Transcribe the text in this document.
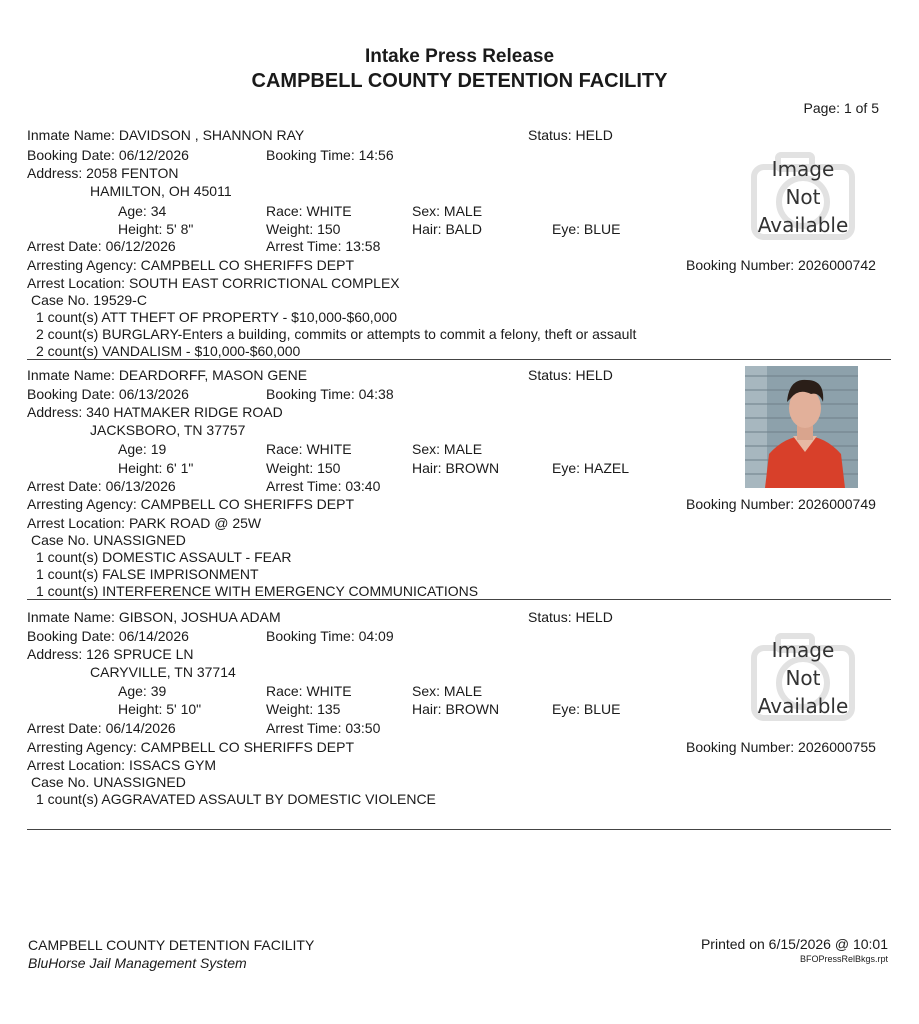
Intake Press Release
CAMPBELL COUNTY DETENTION FACILITY
Page: 1 of 5
Inmate Name: DAVIDSON , SHANNON RAY	Status: HELD
Booking Date: 06/12/2026	Booking Time: 14:56
Address: 2058 FENTON
HAMILTON, OH 45011
Age: 34	Race: WHITE	Sex: MALE
Height: 5' 8"	Weight: 150	Hair: BALD	Eye: BLUE
Arrest Date: 06/12/2026	Arrest Time: 13:58
Arresting Agency: CAMPBELL CO SHERIFFS DEPT	Booking Number: 2026000742
Arrest Location: SOUTH EAST CORRICTIONAL COMPLEX
Case No. 19529-C
1 count(s) ATT THEFT OF PROPERTY - $10,000-$60,000
2 count(s) BURGLARY-Enters a building, commits or attempts to commit a felony, theft or assault
2 count(s) VANDALISM - $10,000-$60,000
Image
Not
Available
Inmate Name: DEARDORFF, MASON GENE	Status: HELD
Booking Date: 06/13/2026	Booking Time: 04:38
Address: 340 HATMAKER RIDGE ROAD
JACKSBORO, TN 37757
Age: 19	Race: WHITE	Sex: MALE
Height: 6' 1"	Weight: 150	Hair: BROWN	Eye: HAZEL
Arrest Date: 06/13/2026	Arrest Time: 03:40
Arresting Agency: CAMPBELL CO SHERIFFS DEPT	Booking Number: 2026000749
Arrest Location: PARK ROAD @ 25W
Case No. UNASSIGNED
1 count(s) DOMESTIC ASSAULT - FEAR
1 count(s) FALSE IMPRISONMENT
1 count(s) INTERFERENCE WITH EMERGENCY COMMUNICATIONS
Inmate Name: GIBSON, JOSHUA ADAM	Status: HELD
Booking Date: 06/14/2026	Booking Time: 04:09
Address: 126 SPRUCE LN
CARYVILLE, TN 37714
Age: 39	Race: WHITE	Sex: MALE
Height: 5' 10"	Weight: 135	Hair: BROWN	Eye: BLUE
Arrest Date: 06/14/2026	Arrest Time: 03:50
Arresting Agency: CAMPBELL CO SHERIFFS DEPT	Booking Number: 2026000755
Arrest Location: ISSACS GYM
Case No. UNASSIGNED
1 count(s) AGGRAVATED ASSAULT BY DOMESTIC VIOLENCE
Image
Not
Available
CAMPBELL COUNTY DETENTION FACILITY
BluHorse Jail Management System
Printed on 6/15/2026 @ 10:01
BFOPressRelBkgs.rpt
